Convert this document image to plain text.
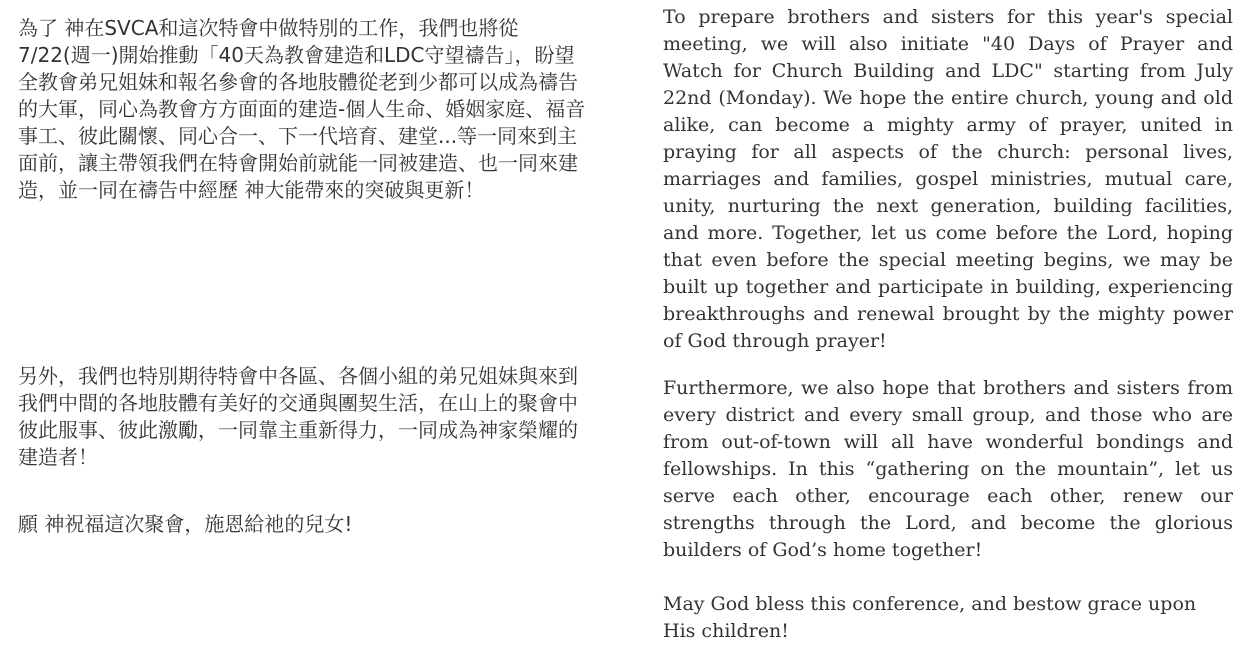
為了 神在SVCA和這次特會中做特別的工作，我們也將從7/22(週一)開始推動「40天為教會建造和LDC守望禱告」，盼望全教會弟兄姐妹和報名參會的各地肢體從老到少都可以成為禱告的大軍，同心為教會方方面面的建造-個人生命、婚姻家庭、福音事工、彼此關懷、同心合一、下一代培育、建堂...等一同來到主面前，讓主帶領我們在特會開始前就能一同被建造、也一同來建造，並一同在禱告中經歷 神大能帶來的突破與更新！

另外，我們也特別期待特會中各區、各個小組的弟兄姐妹與來到我們中間的各地肢體有美好的交通與團契生活，在山上的聚會中彼此服事、彼此激勵，一同靠主重新得力，一同成為神家榮耀的建造者！

願 神祝福這次聚會，施恩給祂的兒女!

To prepare brothers and sisters for this year's special meeting, we will also initiate "40 Days of Prayer and Watch for Church Building and LDC" starting from July 22nd (Monday). We hope the entire church, young and old alike, can become a mighty army of prayer, united in praying for all aspects of the church: personal lives, marriages and families, gospel ministries, mutual care, unity, nurturing the next generation, building facilities, and more. Together, let us come before the Lord, hoping that even before the special meeting begins, we may be built up together and participate in building, experiencing breakthroughs and renewal brought by the mighty power of God through prayer!

Furthermore, we also hope that brothers and sisters from every district and every small group, and those who are from out-of-town will all have wonderful bondings and fellowships. In this “gathering on the mountain”, let us serve each other, encourage each other, renew our strengths through the Lord, and become the glorious builders of God’s home together!

May God bless this conference, and bestow grace upon His children!
